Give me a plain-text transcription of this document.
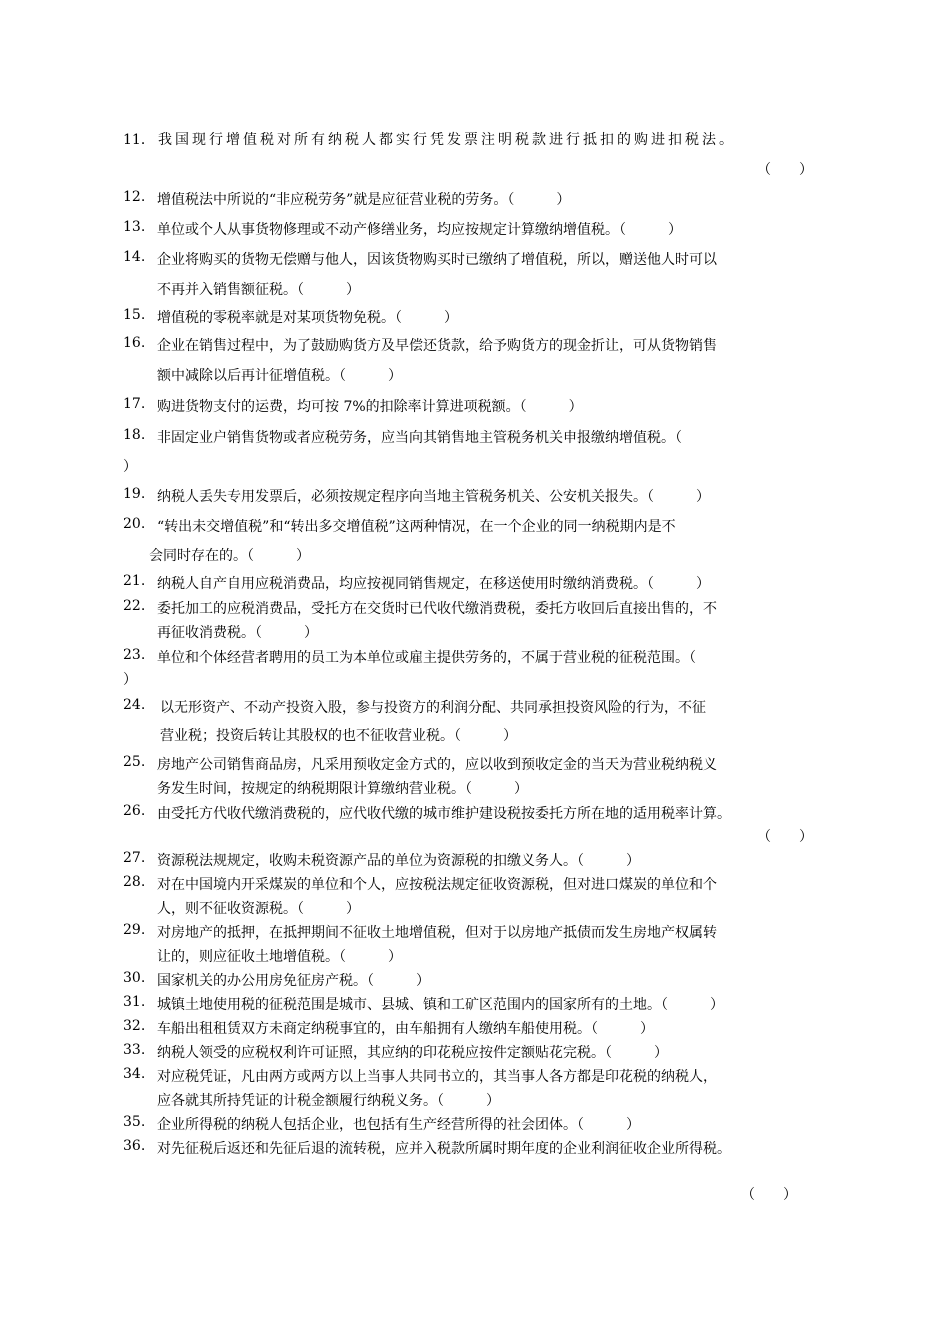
11． 我国现行增值税对所有纳税人都实行凭发票注明税款进行抵扣的购进扣税法。
（　　）
12. 增值税法中所说的“非应税劳务”就是应征营业税的劳务。（　　　）
13. 单位或个人从事货物修理或不动产修缮业务，均应按规定计算缴纳增值税。（　　　）
14. 企业将购买的货物无偿赠与他人，因该货物购买时已缴纳了增值税，所以，赠送他人时可以
不再并入销售额征税。（　　　）
15. 增值税的零税率就是对某项货物免税。（　　　）
16. 企业在销售过程中，为了鼓励购货方及早偿还货款，给予购货方的现金折让，可从货物销售
额中减除以后再计征增值税。（　　　）
17. 购进货物支付的运费，均可按 7%的扣除率计算进项税额。（　　　）
18. 非固定业户销售货物或者应税劳务，应当向其销售地主管税务机关申报缴纳增值税。（
）
19. 纳税人丢失专用发票后，必须按规定程序向当地主管税务机关、公安机关报失。（　　　）
20. “转出未交增值税”和“转出多交增值税”这两种情况，在一个企业的同一纳税期内是不
会同时存在的。（　　　）
21. 纳税人自产自用应税消费品，均应按视同销售规定，在移送使用时缴纳消费税。（　　　）
22. 委托加工的应税消费品，受托方在交货时已代收代缴消费税，委托方收回后直接出售的，不
再征收消费税。（　　　）
23. 单位和个体经营者聘用的员工为本单位或雇主提供劳务的，不属于营业税的征税范围。（
）
24. 以无形资产、不动产投资入股，参与投资方的利润分配、共同承担投资风险的行为，不征
营业税；投资后转让其股权的也不征收营业税。（　　　）
25. 房地产公司销售商品房，凡采用预收定金方式的，应以收到预收定金的当天为营业税纳税义
务发生时间，按规定的纳税期限计算缴纳营业税。（　　　）
26. 由受托方代收代缴消费税的，应代收代缴的城市维护建设税按委托方所在地的适用税率计算。
（　　）
27. 资源税法规规定，收购未税资源产品的单位为资源税的扣缴义务人。（　　　）
28. 对在中国境内开采煤炭的单位和个人，应按税法规定征收资源税，但对进口煤炭的单位和个
人，则不征收资源税。（　　　）
29. 对房地产的抵押，在抵押期间不征收土地增值税，但对于以房地产抵债而发生房地产权属转
让的，则应征收土地增值税。（　　　）
30. 国家机关的办公用房免征房产税。（　　　）
31. 城镇土地使用税的征税范围是城市、县城、镇和工矿区范围内的国家所有的土地。（　　　）
32. 车船出租租赁双方未商定纳税事宜的，由车船拥有人缴纳车船使用税。（　　　）
33. 纳税人领受的应税权利许可证照，其应纳的印花税应按件定额贴花完税。（　　　）
34. 对应税凭证，凡由两方或两方以上当事人共同书立的，其当事人各方都是印花税的纳税人，
应各就其所持凭证的计税金额履行纳税义务。（　　　）
35. 企业所得税的纳税人包括企业，也包括有生产经营所得的社会团体。（　　　）
36. 对先征税后返还和先征后退的流转税，应并入税款所属时期年度的企业利润征收企业所得税。
（　　）
